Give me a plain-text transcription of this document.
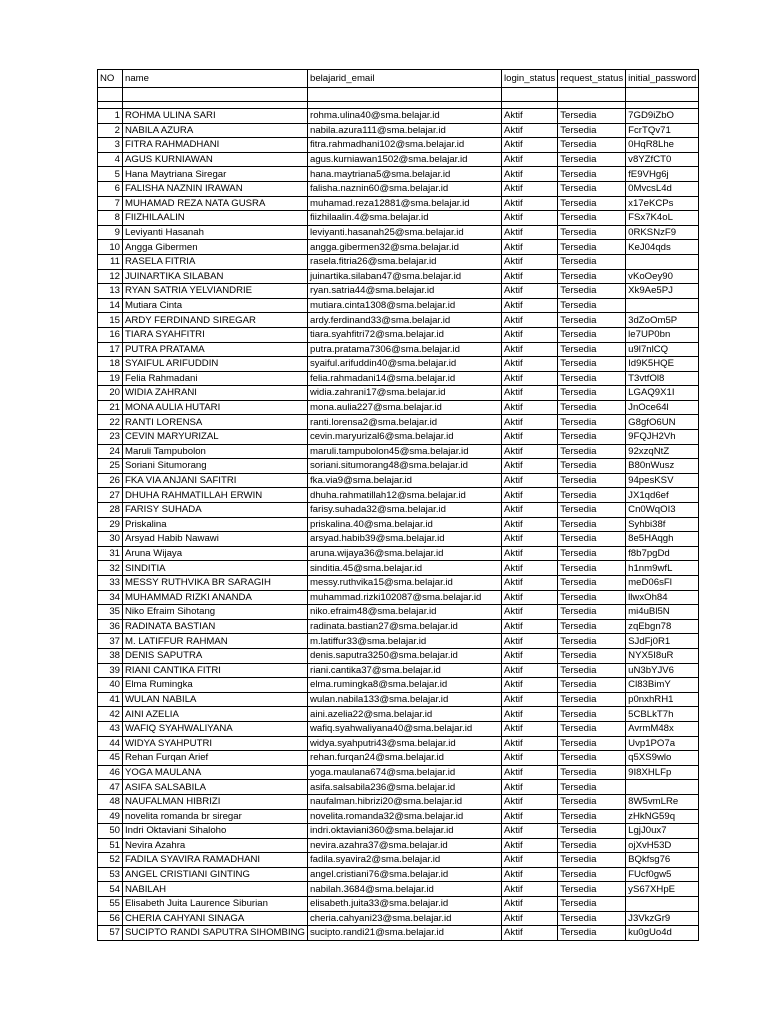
NO	name	belajarid_email	login_status	request_status	initial_password

1	ROHMA ULINA SARI	rohma.ulina40@sma.belajar.id	Aktif	Tersedia	7GD9iZbO
2	NABILA AZURA	nabila.azura111@sma.belajar.id	Aktif	Tersedia	FcrTQv71
3	FITRA RAHMADHANI	fitra.rahmadhani102@sma.belajar.id	Aktif	Tersedia	0HqR8Lhe
4	AGUS KURNIAWAN	agus.kurniawan1502@sma.belajar.id	Aktif	Tersedia	v8YZfCT0
5	Hana Maytriana Siregar	hana.maytriana5@sma.belajar.id	Aktif	Tersedia	fE9VHg6j
6	FALISHA NAZNIN IRAWAN	falisha.naznin60@sma.belajar.id	Aktif	Tersedia	0MvcsL4d
7	MUHAMAD REZA NATA GUSRA	muhamad.reza12881@sma.belajar.id	Aktif	Tersedia	x17eKCPs
8	FIIZHILAALIN	fiizhilaalin.4@sma.belajar.id	Aktif	Tersedia	FSx7K4oL
9	Leviyanti Hasanah	leviyanti.hasanah25@sma.belajar.id	Aktif	Tersedia	0RKSNzF9
10	Angga Gibermen	angga.gibermen32@sma.belajar.id	Aktif	Tersedia	KeJ04qds
11	RASELA FITRIA	rasela.fitria26@sma.belajar.id	Aktif	Tersedia	
12	JUINARTIKA SILABAN	juinartika.silaban47@sma.belajar.id	Aktif	Tersedia	vKoOey90
13	RYAN SATRIA YELVIANDRIE	ryan.satria44@sma.belajar.id	Aktif	Tersedia	Xk9Ae5PJ
14	Mutiara Cinta	mutiara.cinta1308@sma.belajar.id	Aktif	Tersedia	
15	ARDY FERDINAND SIREGAR	ardy.ferdinand33@sma.belajar.id	Aktif	Tersedia	3dZoOm5P
16	TIARA SYAHFITRI	tiara.syahfitri72@sma.belajar.id	Aktif	Tersedia	le7UP0bn
17	PUTRA PRATAMA	putra.pratama7306@sma.belajar.id	Aktif	Tersedia	u9l7nlCQ
18	SYAIFUL ARIFUDDIN	syaiful.arifuddin40@sma.belajar.id	Aktif	Tersedia	Id9K5HQE
19	Felia Rahmadani	felia.rahmadani14@sma.belajar.id	Aktif	Tersedia	T3vtfOl8
20	WIDIA ZAHRANI	widia.zahrani17@sma.belajar.id	Aktif	Tersedia	LGAQ9X1I
21	MONA AULIA HUTARI	mona.aulia227@sma.belajar.id	Aktif	Tersedia	JnOce64l
22	RANTI LORENSA	ranti.lorensa2@sma.belajar.id	Aktif	Tersedia	G8gfO6UN
23	CEVIN MARYURIZAL	cevin.maryurizal6@sma.belajar.id	Aktif	Tersedia	9FQJH2Vh
24	Maruli Tampubolon	maruli.tampubolon45@sma.belajar.id	Aktif	Tersedia	92xzqNtZ
25	Soriani Situmorang	soriani.situmorang48@sma.belajar.id	Aktif	Tersedia	B80nWusz
26	FKA VIA ANJANI SAFITRI	fka.via9@sma.belajar.id	Aktif	Tersedia	94pesKSV
27	DHUHA RAHMATILLAH ERWIN	dhuha.rahmatillah12@sma.belajar.id	Aktif	Tersedia	JX1qd6ef
28	FARISY SUHADA	farisy.suhada32@sma.belajar.id	Aktif	Tersedia	Cn0WqOI3
29	Priskalina	priskalina.40@sma.belajar.id	Aktif	Tersedia	Syhbi38f
30	Arsyad Habib Nawawi	arsyad.habib39@sma.belajar.id	Aktif	Tersedia	8e5HAqgh
31	Aruna Wijaya	aruna.wijaya36@sma.belajar.id	Aktif	Tersedia	f8b7pgDd
32	SINDITIA	sinditia.45@sma.belajar.id	Aktif	Tersedia	h1nm9wfL
33	MESSY RUTHVIKA BR SARAGIH	messy.ruthvika15@sma.belajar.id	Aktif	Tersedia	meD06sFl
34	MUHAMMAD RIZKI ANANDA	muhammad.rizki102087@sma.belajar.id	Aktif	Tersedia	llwxOh84
35	Niko Efraim Sihotang	niko.efraim48@sma.belajar.id	Aktif	Tersedia	mi4uBl5N
36	RADINATA BASTIAN	radinata.bastian27@sma.belajar.id	Aktif	Tersedia	zqEbgn78
37	M. LATIFFUR RAHMAN	m.latiffur33@sma.belajar.id	Aktif	Tersedia	SJdFj0R1
38	DENIS SAPUTRA	denis.saputra3250@sma.belajar.id	Aktif	Tersedia	NYX5I8uR
39	RIANI CANTIKA FITRI	riani.cantika37@sma.belajar.id	Aktif	Tersedia	uN3bYJV6
40	Elma Rumingka	elma.rumingka8@sma.belajar.id	Aktif	Tersedia	Cl83BimY
41	WULAN NABILA	wulan.nabila133@sma.belajar.id	Aktif	Tersedia	p0nxhRH1
42	AINI AZELIA	aini.azelia22@sma.belajar.id	Aktif	Tersedia	5CBLkT7h
43	WAFIQ SYAHWALIYANA	wafiq.syahwaliyana40@sma.belajar.id	Aktif	Tersedia	AvrmM48x
44	WIDYA SYAHPUTRI	widya.syahputri43@sma.belajar.id	Aktif	Tersedia	Uvp1PO7a
45	Rehan Furqan Arief	rehan.furqan24@sma.belajar.id	Aktif	Tersedia	q5XS9wlo
46	YOGA MAULANA	yoga.maulana674@sma.belajar.id	Aktif	Tersedia	9I8XHLFp
47	ASIFA SALSABILA	asifa.salsabila236@sma.belajar.id	Aktif	Tersedia	
48	NAUFALMAN HIBRIZI	naufalman.hibrizi20@sma.belajar.id	Aktif	Tersedia	8W5vmLRe
49	novelita romanda br siregar	novelita.romanda32@sma.belajar.id	Aktif	Tersedia	zHkNG59q
50	Indri Oktaviani Sihaloho	indri.oktaviani360@sma.belajar.id	Aktif	Tersedia	LgjJ0ux7
51	Nevira Azahra	nevira.azahra37@sma.belajar.id	Aktif	Tersedia	ojXvH53D
52	FADILA SYAVIRA RAMADHANI	fadila.syavira2@sma.belajar.id	Aktif	Tersedia	BQkfsg76
53	ANGEL CRISTIANI GINTING	angel.cristiani76@sma.belajar.id	Aktif	Tersedia	FUcf0gw5
54	NABILAH	nabilah.3684@sma.belajar.id	Aktif	Tersedia	yS67XHpE
55	Elisabeth Juita Laurence Siburian	elisabeth.juita33@sma.belajar.id	Aktif	Tersedia	
56	CHERIA CAHYANI SINAGA	cheria.cahyani23@sma.belajar.id	Aktif	Tersedia	J3VkzGr9
57	SUCIPTO RANDI SAPUTRA SIHOMBING	sucipto.randi21@sma.belajar.id	Aktif	Tersedia	ku0gUo4d
